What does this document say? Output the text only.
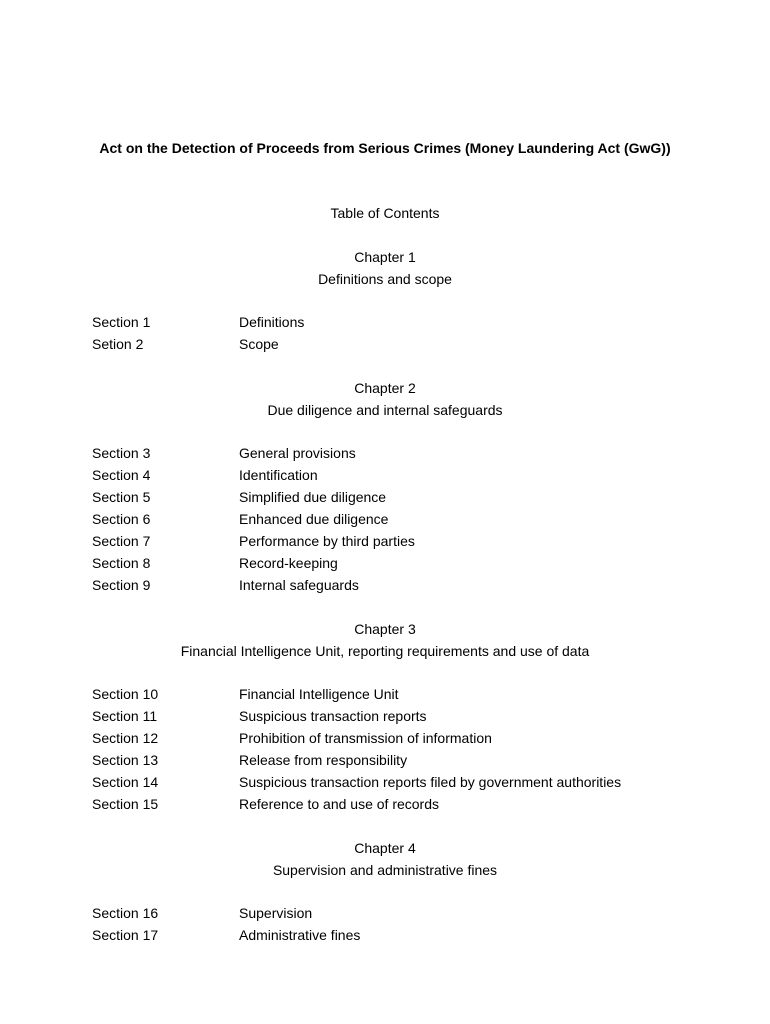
Act on the Detection of Proceeds from Serious Crimes (Money Laundering Act (GwG))
Table of Contents
Chapter 1
Definitions and scope
Section 1	Definitions
Setion 2	Scope
Chapter 2
Due diligence and internal safeguards
Section 3	General provisions
Section 4	Identification
Section 5	Simplified due diligence
Section 6	Enhanced due diligence
Section 7	Performance by third parties
Section 8	Record-keeping
Section 9	Internal safeguards
Chapter 3
Financial Intelligence Unit, reporting requirements and use of data
Section 10	Financial Intelligence Unit
Section 11	Suspicious transaction reports
Section 12	Prohibition of transmission of information
Section 13	Release from responsibility
Section 14	Suspicious transaction reports filed by government authorities
Section 15	Reference to and use of records
Chapter 4
Supervision and administrative fines
Section 16	Supervision
Section 17	Administrative fines
